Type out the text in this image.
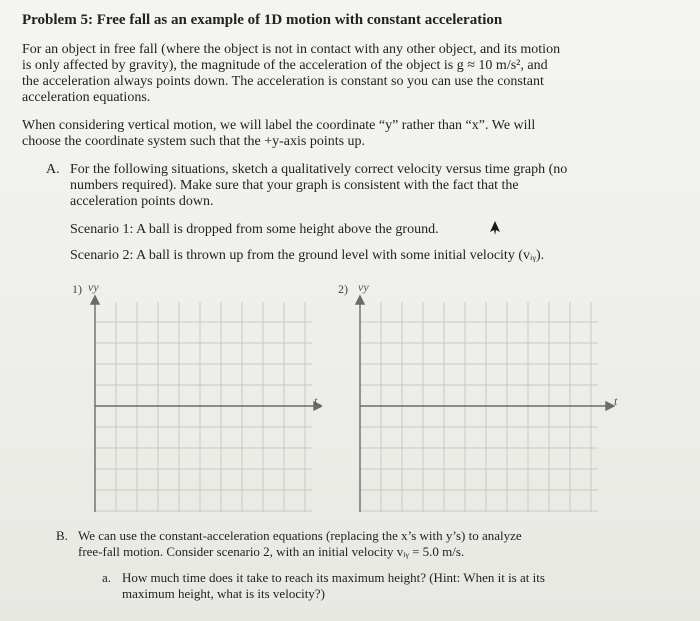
Problem 5: Free fall as an example of 1D motion with constant acceleration
For an object in free fall (where the object is not in contact with any other object, and its motion
is only affected by gravity), the magnitude of the acceleration of the object is g ≈ 10 m/s², and
the acceleration always points down. The acceleration is constant so you can use the constant
acceleration equations.
When considering vertical motion, we will label the coordinate “y” rather than “x”. We will
choose the coordinate system such that the +y-axis points up.
A. For the following situations, sketch a qualitatively correct velocity versus time graph (no
numbers required). Make sure that your graph is consistent with the fact that the
acceleration points down.
Scenario 1: A ball is dropped from some height above the ground.
Scenario 2: A ball is thrown up from the ground level with some initial velocity (vᵢᵧ).
1) vy	2) vy
t	t
B. We can use the constant-acceleration equations (replacing the x’s with y’s) to analyze
free-fall motion. Consider scenario 2, with an initial velocity vᵢᵧ = 5.0 m/s.
a. How much time does it take to reach its maximum height? (Hint: When it is at its
maximum height, what is its velocity?)
